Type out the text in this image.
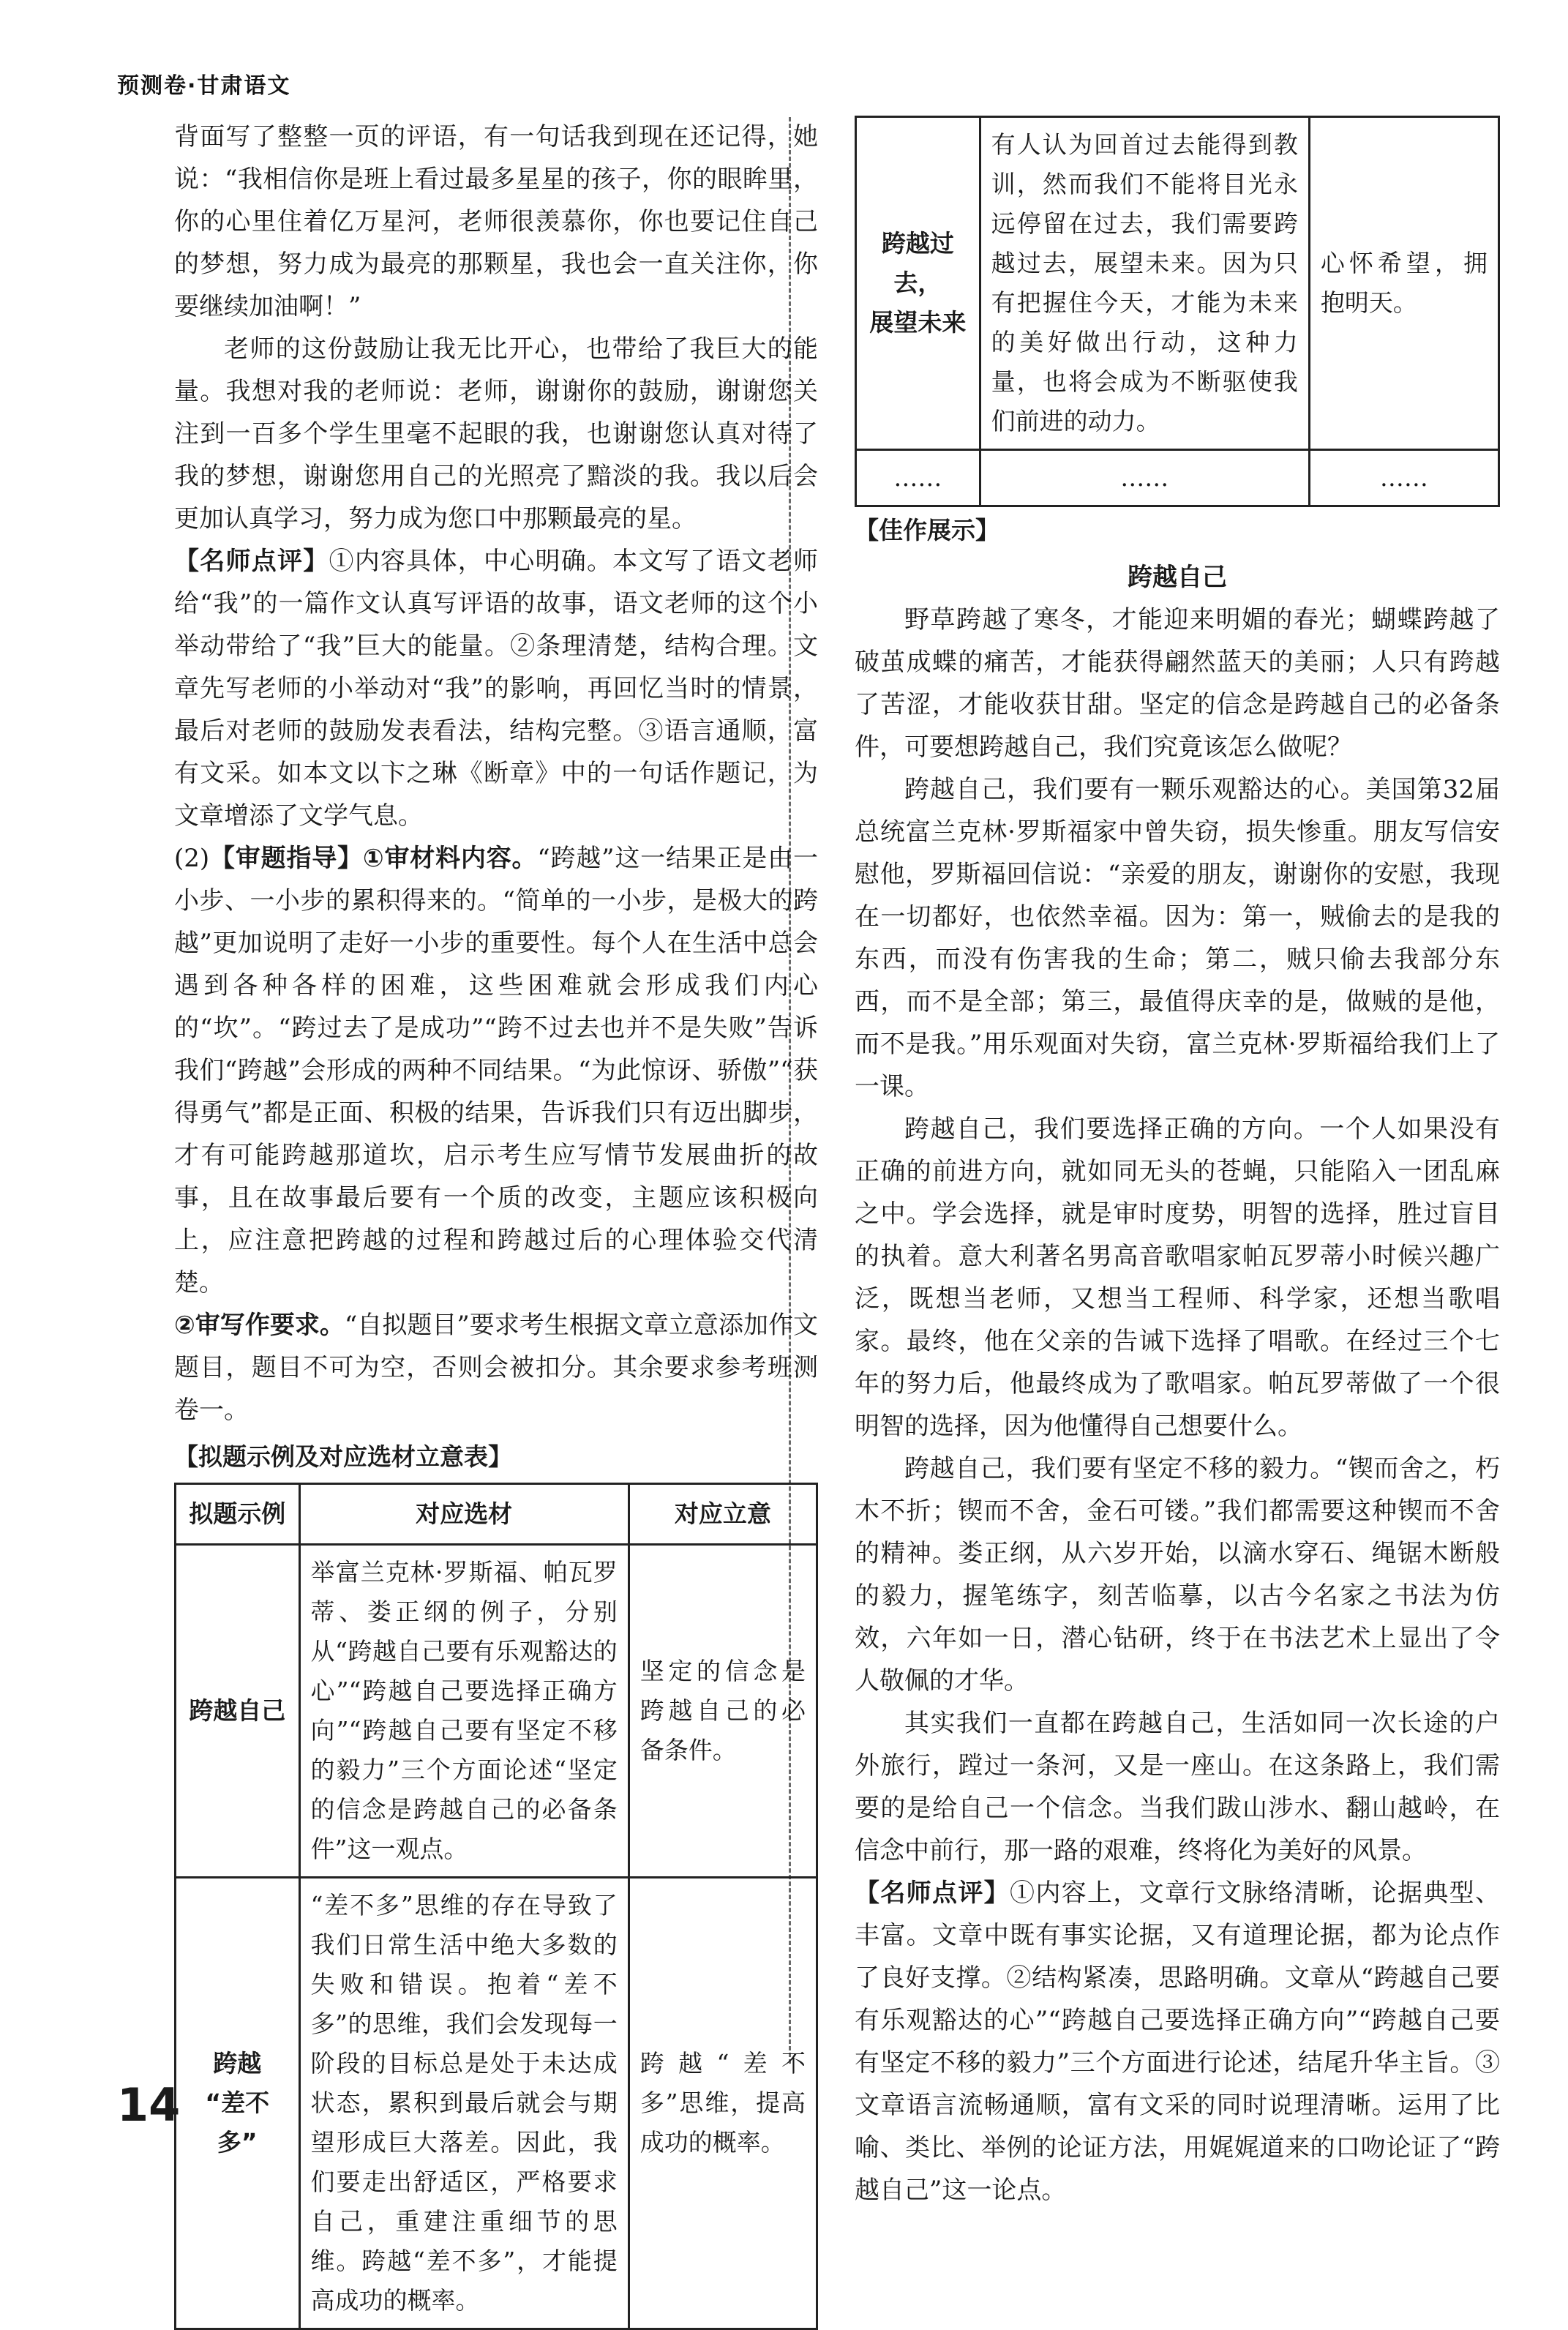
预测卷·甘肃语文

背面写了整整一页的评语，有一句话我到现在还记得，她说：“我相信你是班上看过最多星星的孩子，你的眼眸里，你的心里住着亿万星河，老师很羡慕你，你也要记住自己的梦想，努力成为最亮的那颗星，我也会一直关注你，你要继续加油啊！”

老师的这份鼓励让我无比开心，也带给了我巨大的能量。我想对我的老师说：老师，谢谢你的鼓励，谢谢您关注到一百多个学生里毫不起眼的我，也谢谢您认真对待了我的梦想，谢谢您用自己的光照亮了黯淡的我。我以后会更加认真学习，努力成为您口中那颗最亮的星。

【名师点评】①内容具体，中心明确。本文写了语文老师给“我”的一篇作文认真写评语的故事，语文老师的这个小举动带给了“我”巨大的能量。②条理清楚，结构合理。文章先写老师的小举动对“我”的影响，再回忆当时的情景，最后对老师的鼓励发表看法，结构完整。③语言通顺，富有文采。如本文以卞之琳《断章》中的一句话作题记，为文章增添了文学气息。

(2)【审题指导】①审材料内容。“跨越”这一结果正是由一小步、一小步的累积得来的。“简单的一小步，是极大的跨越”更加说明了走好一小步的重要性。每个人在生活中总会遇到各种各样的困难，这些困难就会形成我们内心的“坎”。“跨过去了是成功”“跨不过去也并不是失败”告诉我们“跨越”会形成的两种不同结果。“为此惊讶、骄傲”“获得勇气”都是正面、积极的结果，告诉我们只有迈出脚步，才有可能跨越那道坎，启示考生应写情节发展曲折的故事，且在故事最后要有一个质的改变，主题应该积极向上，应注意把跨越的过程和跨越过后的心理体验交代清楚。

②审写作要求。“自拟题目”要求考生根据文章立意添加作文题目，题目不可为空，否则会被扣分。其余要求参考班测卷一。

【拟题示例及对应选材立意表】
拟题示例	对应选材	对应立意
跨越自己	举富兰克林·罗斯福、帕瓦罗蒂、娄正纲的例子，分别从“跨越自己要有乐观豁达的心”“跨越自己要选择正确方向”“跨越自己要有坚定不移的毅力”三个方面论述“坚定的信念是跨越自己的必备条件”这一观点。	坚定的信念是跨越自己的必备条件。
跨越
“差不多”	“差不多”思维的存在导致了我们日常生活中绝大多数的失败和错误。抱着“差不多”的思维，我们会发现每一阶段的目标总是处于未达成状态，累积到最后就会与期望形成巨大落差。因此，我们要走出舒适区，严格要求自己，重建注重细节的思维。跨越“差不多”，才能提高成功的概率。	跨越“差不多”思维，提高成功的概率。
跨越过去，
展望未来	有人认为回首过去能得到教训，然而我们不能将目光永远停留在过去，我们需要跨越过去，展望未来。因为只有把握住今天，才能为未来的美好做出行动，这种力量，也将会成为不断驱使我们前进的动力。	心怀希望，拥抱明天。
……	……	……
【佳作展示】

跨越自己

野草跨越了寒冬，才能迎来明媚的春光；蝴蝶跨越了破茧成蝶的痛苦，才能获得翩然蓝天的美丽；人只有跨越了苦涩，才能收获甘甜。坚定的信念是跨越自己的必备条件，可要想跨越自己，我们究竟该怎么做呢？

跨越自己，我们要有一颗乐观豁达的心。美国第32届总统富兰克林·罗斯福家中曾失窃，损失惨重。朋友写信安慰他，罗斯福回信说：“亲爱的朋友，谢谢你的安慰，我现在一切都好，也依然幸福。因为：第一，贼偷去的是我的东西，而没有伤害我的生命；第二，贼只偷去我部分东西，而不是全部；第三，最值得庆幸的是，做贼的是他，而不是我。”用乐观面对失窃，富兰克林·罗斯福给我们上了一课。

跨越自己，我们要选择正确的方向。一个人如果没有正确的前进方向，就如同无头的苍蝇，只能陷入一团乱麻之中。学会选择，就是审时度势，明智的选择，胜过盲目的执着。意大利著名男高音歌唱家帕瓦罗蒂小时候兴趣广泛，既想当老师，又想当工程师、科学家，还想当歌唱家。最终，他在父亲的告诫下选择了唱歌。在经过三个七年的努力后，他最终成为了歌唱家。帕瓦罗蒂做了一个很明智的选择，因为他懂得自己想要什么。

跨越自己，我们要有坚定不移的毅力。“锲而舍之，朽木不折；锲而不舍，金石可镂。”我们都需要这种锲而不舍的精神。娄正纲，从六岁开始，以滴水穿石、绳锯木断般的毅力，握笔练字，刻苦临摹，以古今名家之书法为仿效，六年如一日，潜心钻研，终于在书法艺术上显出了令人敬佩的才华。

其实我们一直都在跨越自己，生活如同一次长途的户外旅行，蹚过一条河，又是一座山。在这条路上，我们需要的是给自己一个信念。当我们跋山涉水、翻山越岭，在信念中前行，那一路的艰难，终将化为美好的风景。

【名师点评】①内容上，文章行文脉络清晰，论据典型、丰富。文章中既有事实论据，又有道理论据，都为论点作了良好支撑。②结构紧凑，思路明确。文章从“跨越自己要有乐观豁达的心”“跨越自己要选择正确方向”“跨越自己要有坚定不移的毅力”三个方面进行论述，结尾升华主旨。③文章语言流畅通顺，富有文采的同时说理清晰。运用了比喻、类比、举例的论证方法，用娓娓道来的口吻论证了“跨越自己”这一论点。

14
